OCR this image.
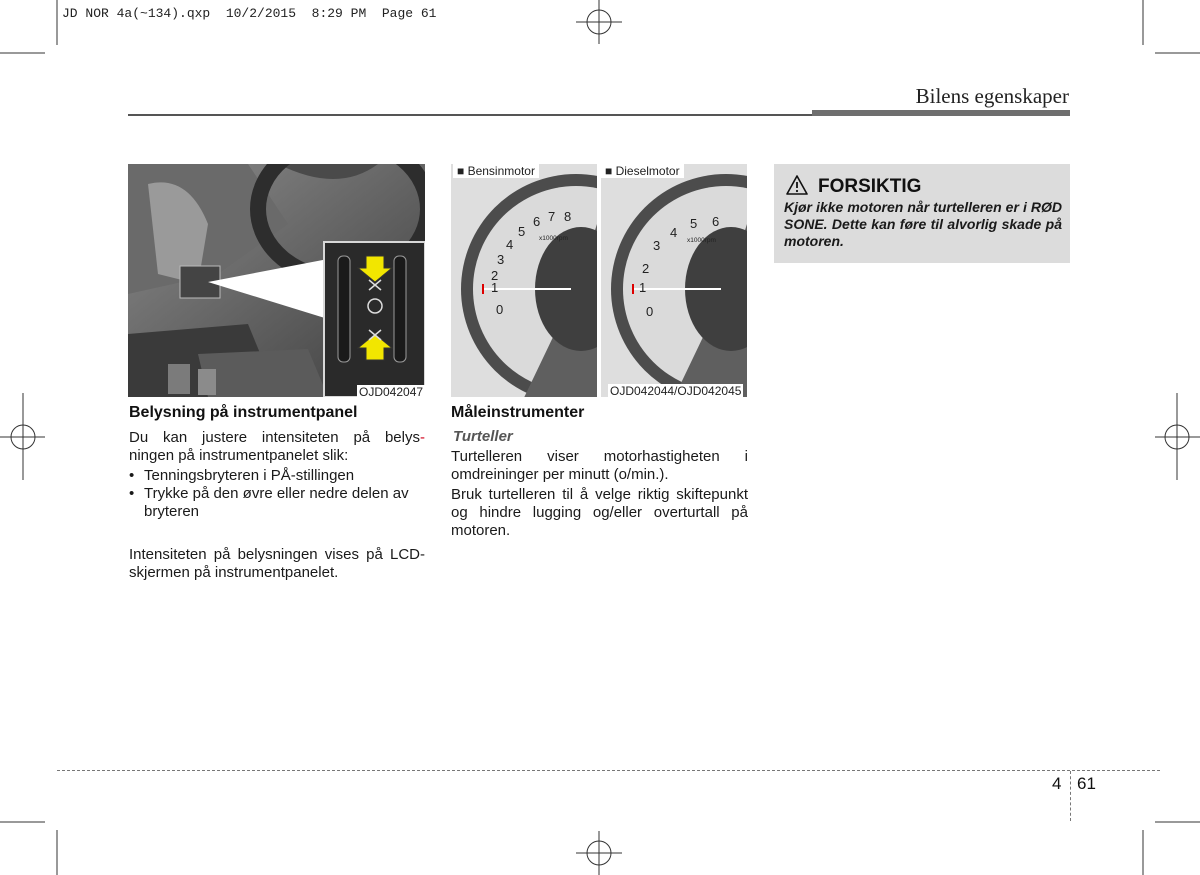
JD NOR 4a(~134).qxp  10/2/2015  8:29 PM  Page 61
Bilens egenskaper
OJD042047
Belysning på instrumentpanel
Du kan justere intensiteten på belys-
ningen på instrumentpanelet slik:
• Tenningsbryteren i PÅ-stillingen
• Trykke på den øvre eller nedre delen av bryteren
Intensiteten på belysningen vises på LCD-skjermen på instrumentpanelet.
0
1
2
3
4
5
6 7 8
x1000rpm
0
1
2
3
4
5 6
x1000rpm
■ Bensinmotor	■ Dieselmotor
OJD042044/OJD042045
Måleinstrumenter
Turteller
Turtelleren viser motorhastigheten i omdreininger per minutt (o/min.).
Bruk turtelleren til å velge riktig skiftepunkt og hindre lugging og/eller overturtall på motoren.
FORSIKTIG
Kjør ikke motoren når turtelleren er i RØD SONE. Dette kan føre til alvorlig skade på motoren.
4 61
